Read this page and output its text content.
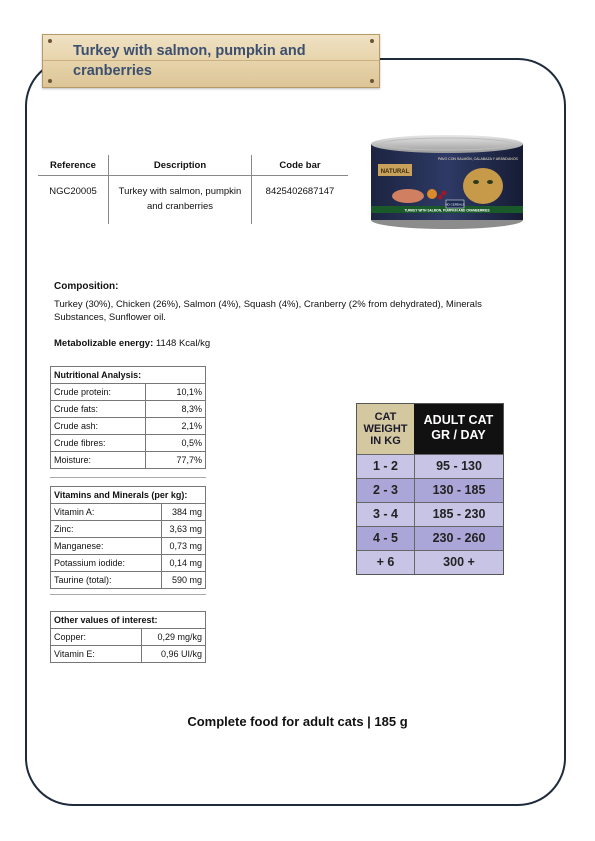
Turkey with salmon, pumpkin and cranberries
Reference	Description	Code bar
NGC20005	Turkey with salmon, pumpkin and cranberries	8425402687147
NATURAL
PAVO CON SALMÓN, CALABAZA Y ARÁNDANOS
NO CEREALS
TURKEY WITH SALMON, PUMPKIN AND CRANBERRIES
Composition:
Turkey (30%), Chicken (26%), Salmon (4%), Squash (4%), Cranberry (2% from dehydrated), Minerals Substances, Sunflower oil.
Metabolizable energy: 1148 Kcal/kg
Nutritional Analysis:	
Crude protein:	10,1%
Crude fats:	8,3%
Crude ash:	2,1%
Crude fibres:	0,5%
Moisture:	77,7%
Vitamins and Minerals (per kg):	
Vitamin A:	384 mg
Zinc:	3,63 mg
Manganese:	0,73 mg
Potassium iodide:	0,14 mg
Taurine (total):	590 mg
Other values of interest:	
Copper:	0,29 mg/kg
Vitamin E:	0,96 UI/kg
CAT WEIGHT IN KG
ADULT CAT GR / DAY
1 - 2	95 - 130
2 - 3	130 - 185
3 - 4	185 - 230
4 - 5	230 - 260
+ 6	300 +
Complete food for adult cats | 185 g
